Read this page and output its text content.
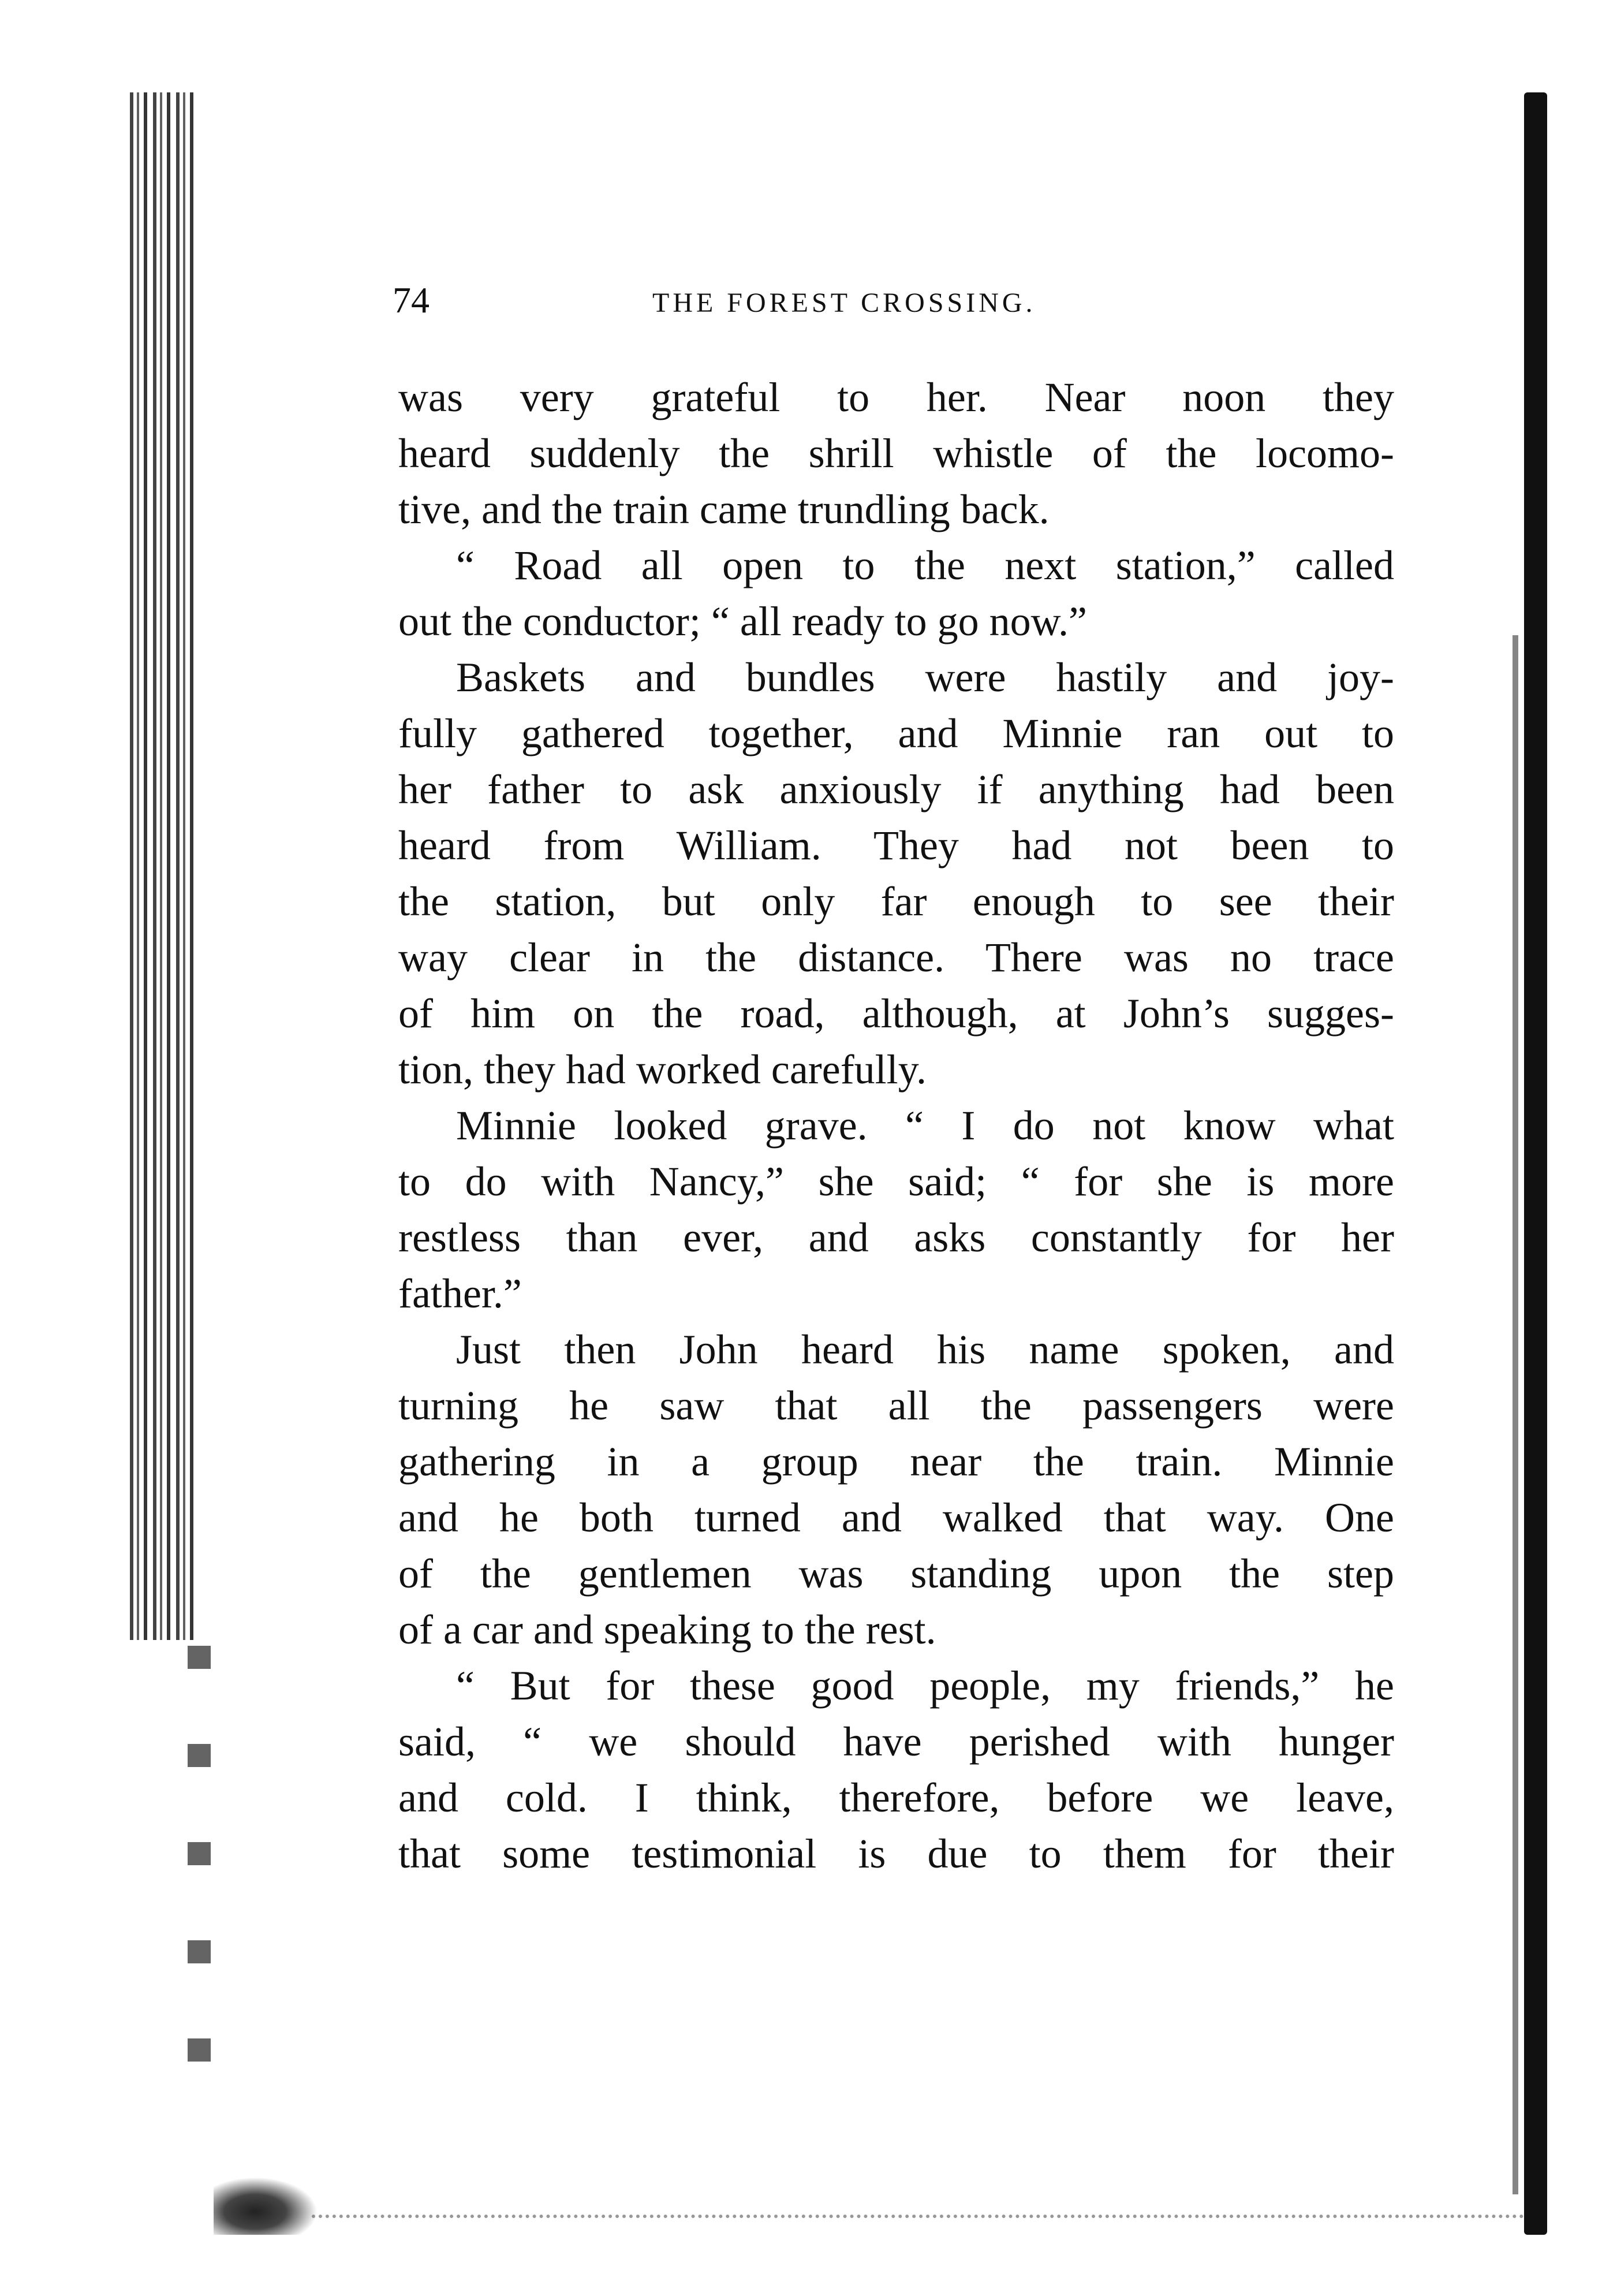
74	THE FOREST CROSSING.
was very grateful to her. Near noon they
heard suddenly the shrill whistle of the locomo-
tive, and the train came trundling back.
“ Road all open to the next station,” called
out the conductor; “ all ready to go now.”
Baskets and bundles were hastily and joy-
fully gathered together, and Minnie ran out to
her father to ask anxiously if anything had been
heard from William. They had not been to
the station, but only far enough to see their
way clear in the distance. There was no trace
of him on the road, although, at John’s sugges-
tion, they had worked carefully.
Minnie looked grave. “ I do not know what
to do with Nancy,” she said; “ for she is more
restless than ever, and asks constantly for her
father.”
Just then John heard his name spoken, and
turning he saw that all the passengers were
gathering in a group near the train. Minnie
and he both turned and walked that way. One
of the gentlemen was standing upon the step
of a car and speaking to the rest.
“ But for these good people, my friends,” he
said, “ we should have perished with hunger
and cold. I think, therefore, before we leave,
that some testimonial is due to them for their
